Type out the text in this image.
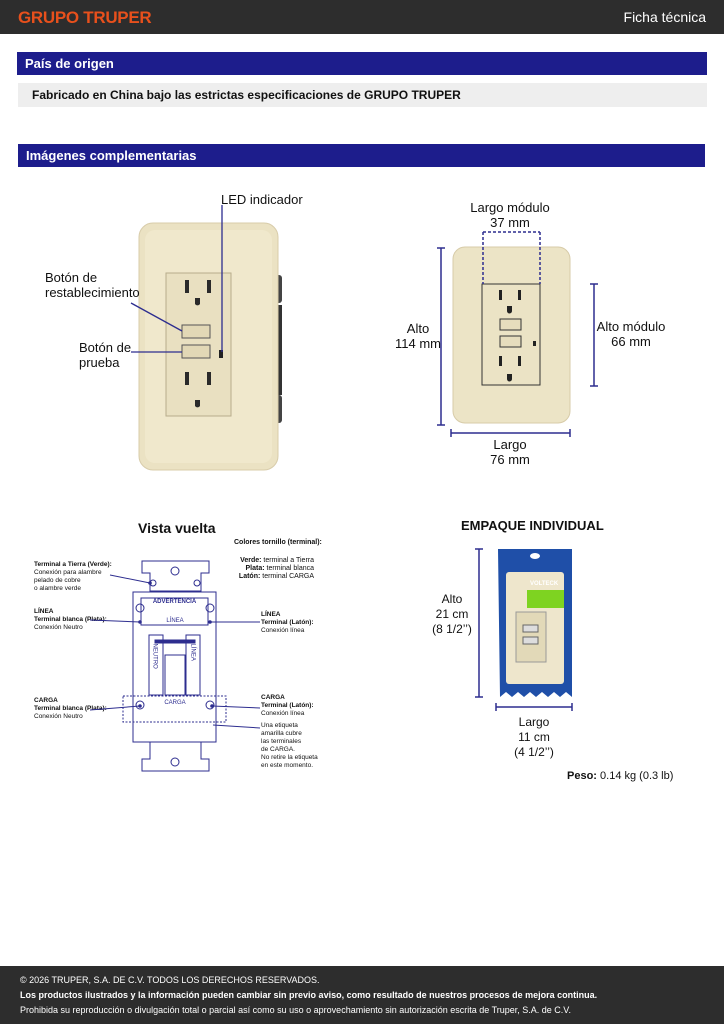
GRUPO TRUPER	Ficha técnica
País de origen
Fabricado en China bajo las estrictas especificaciones de GRUPO TRUPER
Imágenes complementarias
LED indicador
Botón de
restablecimiento
Botón de
prueba
Largo módulo
37 mm
Alto
114 mm
Alto módulo
66 mm
Largo
76 mm
Vista vuelta
Colores tornillo (terminal):
Verde: terminal a Tierra
Plata: terminal blanca
Latón: terminal CARGA
Terminal a Tierra (Verde):
Conexión para alambre
pelado de cobre
o alambre verde
LÍNEA
Terminal blanca (Plata):
Conexión Neutro
CARGA
Terminal blanca (Plata):
Conexión Neutro
LÍNEA
Terminal (Latón):
Conexión línea
CARGA
Terminal (Latón):
Conexión línea
Una etiqueta
amarilla cubre
las terminales
de CARGA.
No retire la etiqueta
en este momento.
ADVERTENCIA
LÍNEA
CARGA
NEUTRO	LÍNEA
EMPAQUE INDIVIDUAL
VOLTECK
Alto
21 cm
(8 1/2’’)
Largo
11 cm
(4 1/2’’)
Peso: 0.14 kg (0.3 lb)
© 2026 TRUPER, S.A. DE C.V. TODOS LOS DERECHOS RESERVADOS.
Los productos ilustrados y la información pueden cambiar sin previo aviso, como resultado de nuestros procesos de mejora continua.
Prohibida su reproducción o divulgación total o parcial así como su uso o aprovechamiento sin autorización escrita de Truper, S.A. de C.V.
